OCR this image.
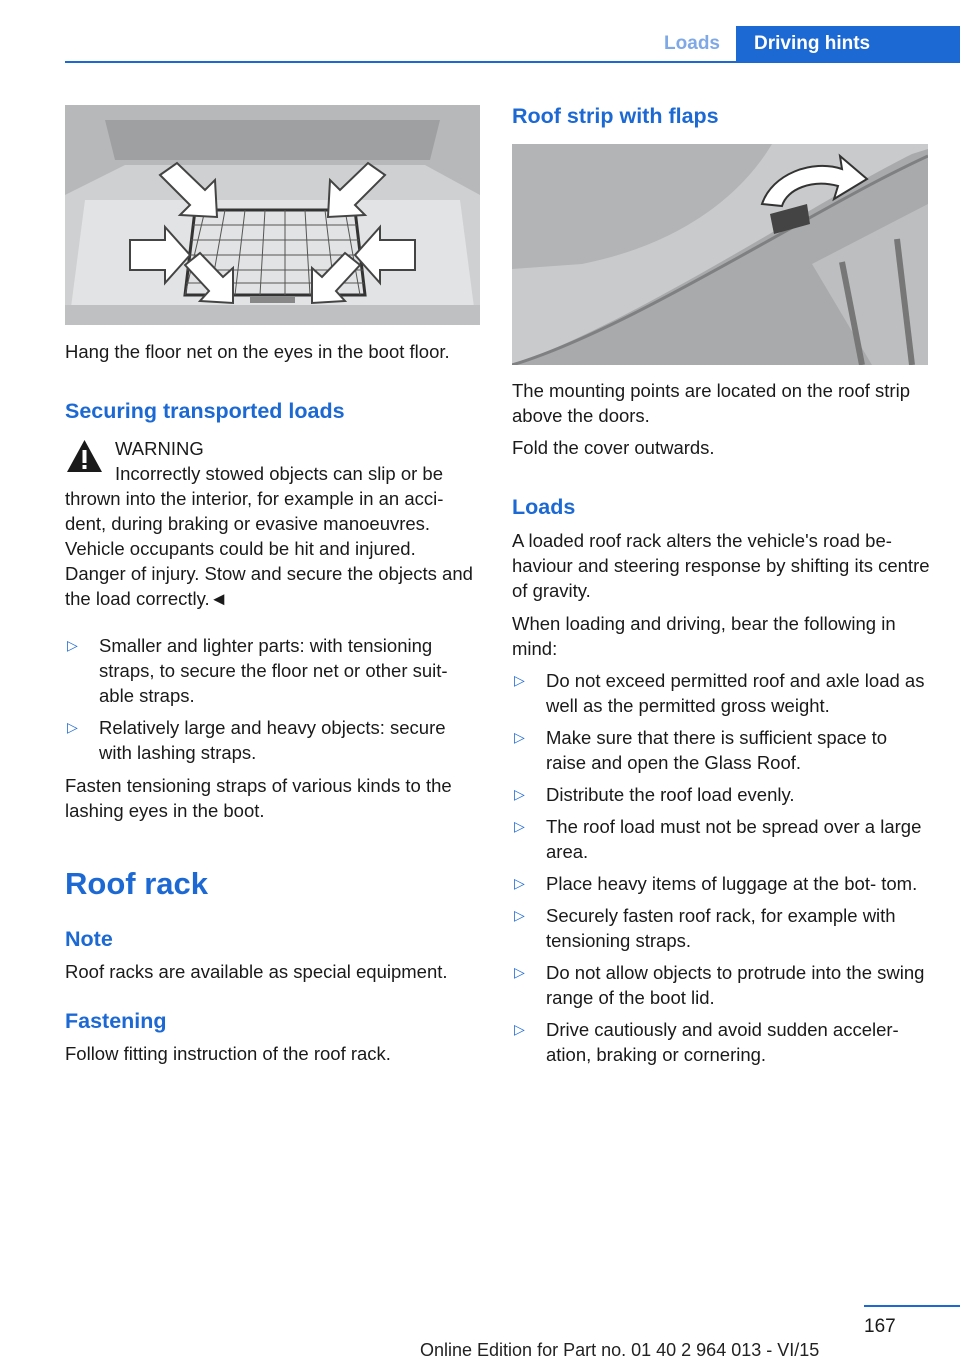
Loads	Driving hints

Hang the floor net on the eyes in the boot floor.

Securing transported loads

WARNING

Incorrectly stowed objects can slip or be thrown into the interior, for example in an acci- dent, during braking or evasive manoeuvres. Vehicle occupants could be hit and injured. Danger of injury. Stow and secure the objects and the load correctly.◄

▷ Smaller and lighter parts: with tensioning straps, to secure the floor net or other suit- able straps.
▷ Relatively large and heavy objects: secure with lashing straps.

Fasten tensioning straps of various kinds to the lashing eyes in the boot.

Roof rack
Note

Roof racks are available as special equipment.

Fastening

Follow fitting instruction of the roof rack.

Roof strip with flaps

The mounting points are located on the roof strip above the doors.

Fold the cover outwards.

Loads

A loaded roof rack alters the vehicle's road be- haviour and steering response by shifting its centre of gravity.

When loading and driving, bear the following in mind:

▷ Do not exceed permitted roof and axle load as well as the permitted gross weight.
▷ Make sure that there is sufficient space to raise and open the Glass Roof.
▷ Distribute the roof load evenly.
▷ The roof load must not be spread over a large area.
▷ Place heavy items of luggage at the bot- tom.
▷ Securely fasten roof rack, for example with tensioning straps.
▷ Do not allow objects to protrude into the swing range of the boot lid.
▷ Drive cautiously and avoid sudden acceler- ation, braking or cornering.
167
Online Edition for Part no. 01 40 2 964 013 - VI/15
